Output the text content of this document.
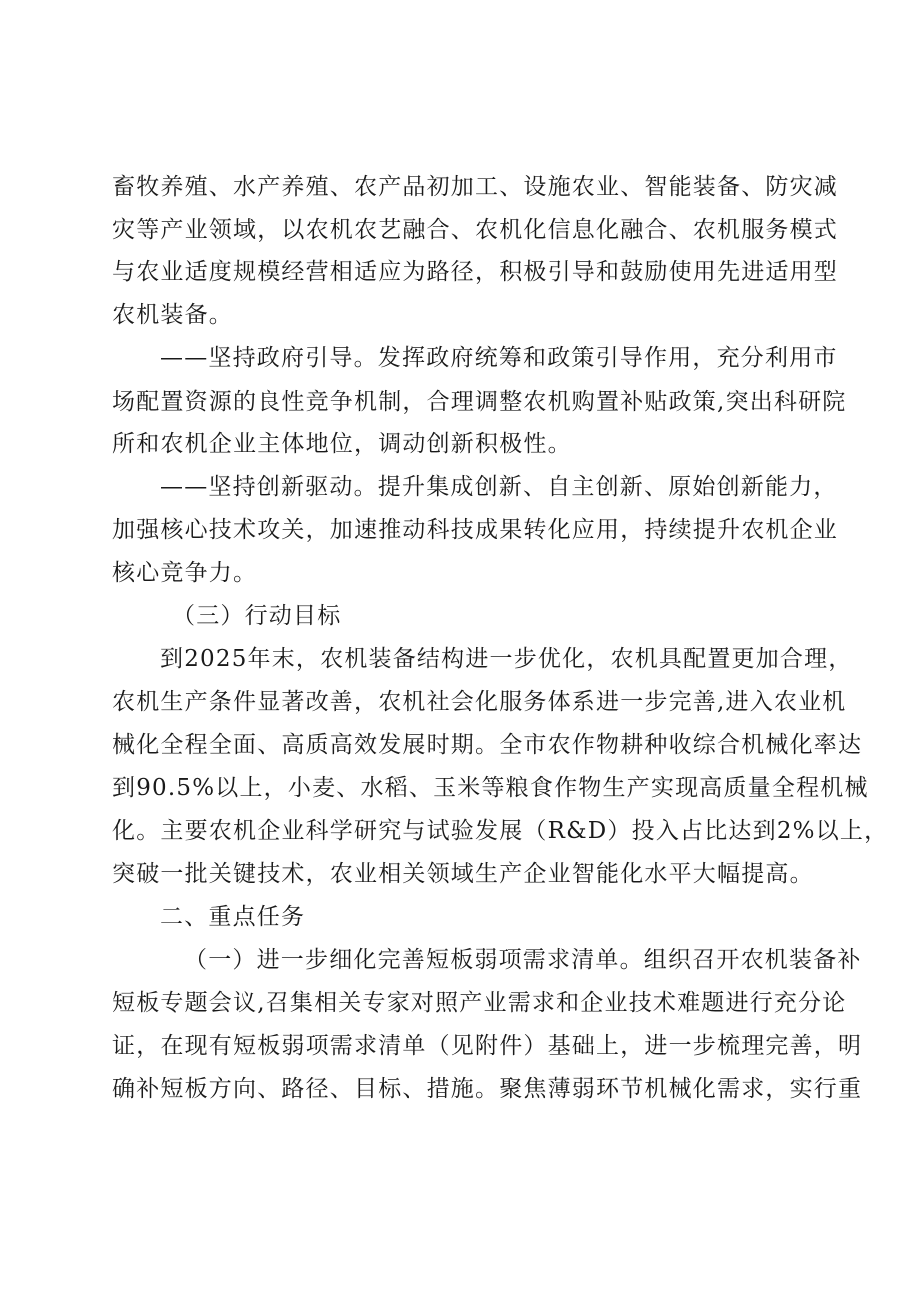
畜牧养殖、水产养殖、农产品初加工、设施农业、智能装备、防灾减
灾等产业领域，以农机农艺融合、农机化信息化融合、农机服务模式
与农业适度规模经营相适应为路径，积极引导和鼓励使用先进适用型
农机装备。
——坚持政府引导。发挥政府统筹和政策引导作用，充分利用市
场配置资源的良性竞争机制，合理调整农机购置补贴政策,突出科研院
所和农机企业主体地位，调动创新积极性。
——坚持创新驱动。提升集成创新、自主创新、原始创新能力，
加强核心技术攻关，加速推动科技成果转化应用，持续提升农机企业
核心竞争力。
（三）行动目标
到2025年末，农机装备结构进一步优化，农机具配置更加合理，
农机生产条件显著改善，农机社会化服务体系进一步完善,进入农业机
械化全程全面、高质高效发展时期。全市农作物耕种收综合机械化率达
到90.5%以上，小麦、水稻、玉米等粮食作物生产实现高质量全程机械
化。主要农机企业科学研究与试验发展（R&D）投入占比达到2%以上，
突破一批关键技术，农业相关领域生产企业智能化水平大幅提高。
二、重点任务
（一）进一步细化完善短板弱项需求清单。组织召开农机装备补
短板专题会议,召集相关专家对照产业需求和企业技术难题进行充分论
证，在现有短板弱项需求清单（见附件）基础上，进一步梳理完善，明
确补短板方向、路径、目标、措施。聚焦薄弱环节机械化需求，实行重
